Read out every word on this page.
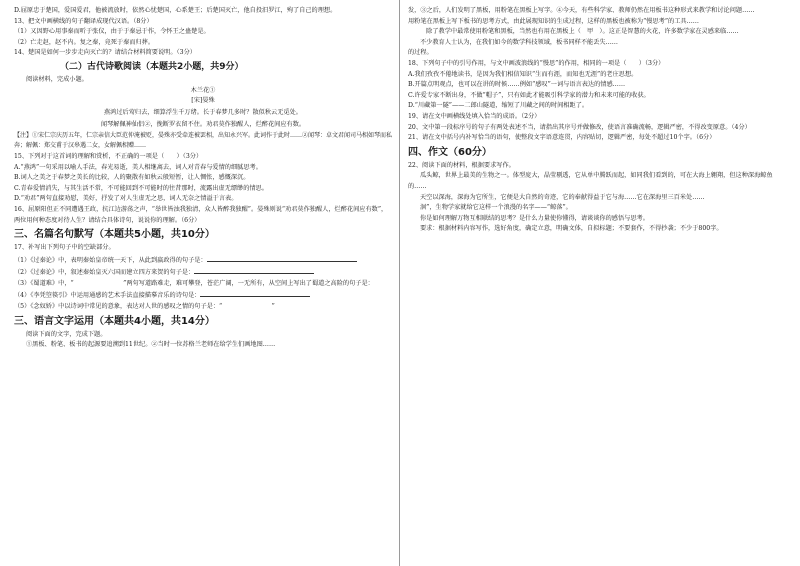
D.屈原忠于楚国，爱国爱君，他被流放时，依然心忧楚国，心系楚王；后楚国灭亡，他自投汨罗江，殉了自己的理想。

13、把文中画横线的句子翻译成现代汉语。（8分）

（1）又因野心用事秦而听于张仪，由于于秦忌于作，令怀王之蛊楚是。

（2）亡走赵，赵不内。复之秦，竟死于秦而归葬。

14、楚国是如何一步步走向灭亡的？请结合材料简要说明。（3分）

（二）古代诗歌阅读（本题共2小题，共9分）

阅读材料，完成小题。

木兰花①

[宋]晏殊

燕鸿过后莺归去，细算浮生千万绪。长于春梦几多时？散似秋云无觅处。

闻琴解佩神仙侣②，挽断罗衣留不住。劝君莫作独醒人，烂醉花间应有数。

【注】①宋仁宗庆历五年，仁宗亲信大臣范仲淹被贬，晏殊亦受牵连被罢相，出知永兴军。此词作于此时……②闻琴：卓文君闻司马相如琴而私奔；解佩：郑交甫于汉皋遇二女，女解佩相赠……

15、下列对于这首词的理解和赏析，不正确的一项是（　　）（3分）

A.“燕鸿”一句采用以喻人手法，春光易逝，美人相继离去，词人对青春与爱情的细腻思考。

B.词人之美之于春梦之美长的比较，人的聚散有如秋云般短暂，让人惆怅，感慨深沉。

C.青春爱情消失，与其生活不常，不可能回到不可能时的往昔那时，流露出虚无缥缈的情思。

D.“劝君”两句直接劝慰，美好，抒发了对人生虚无之思，词人无奈之情溢于言表。

16、屈原阳但正不同遭遇王政，抗江边游荡之声，“举世皆浊我独清，众人皆醉我独醒”。晏殊则说“劝君莫作独醒人，烂醉花间应有数”，两位用何种态度对待人生？请结合具体诗句，说说你的理解。（6分）

三、名篇名句默写（本题共5小题，共10分）

17、补写出下列句子中的空缺部分。

（1）《过秦论》中，表明秦始皇帝统一天下，从此到嬴政得的句子是：

（2）《过秦论》中，叙述秦始皇灭六国而建立四方来贺的句子是：

（3）《蜀道难》中，“　　　　　　　　”两句写道路难走，难可攀登，苍茫广阔，一无所有，从空间上写出了蜀道之高险的句子是：

（4）《李凭箜篌引》中运用通感的艺术手法直接描摹音乐的诗句是：

（5）《念奴娇》中以诗词中常见的意象，表达对人世的感叹之情的句子是：“　　　　　　　　”

三、语言文字运用（本题共4小题，共14分）

阅读下面的文字，完成下题。

①黑板、粉笔、板书的起源要追溯到11世纪。②当时一位苏格兰老师在给学生们画地图……

发，③之后，人们发明了黑板，用粉笔在黑板上写字。④今天，有些科学家、教师仍然在用板书这种形式来教学和讨论问题……

用粉笔在黑板上写下板书的思考方式，由此展现知识的生成过程，这样的黑板也被称为“慢思考”的工具……

　除了教学中最常使用粉笔和黑板，当然也有用在黑板上（　甲　）。这正是智慧的火花，许多数学家在灵感来临……

不少教育人士认为，在我们如今的数学科技领域，板书同样不能丢失……

的过程。

18、下列句子中的引号作用，与文中画波浪线的“慢思”的作用，相同的一项是（　　）（3分）

A.我们孜孜不倦地读书，是因为我们相信知识“生而有涯，而知也无涯”的老庄思想。

B.开篇点明观点，也可以在讲的时候……例如“感叹”一词与语言表达的情感……

C.许爱专家不断出身，不做“帽子”，只有如此才能吸引科学家的潜力和未来可能的收获。

D.“川藏第一隧”——二郎山隧道，缩短了川藏之间的时间相距了。

19、请在文中画横线处填入恰当的成语。（2分）

20、文中第一段标序号的句子有两处表述不当，请指出其序号并做修改，使语言准确流畅，逻辑严密，不得改变原意。（4分）

21、请在文中括号内补写恰当的语句，使整段文字语意连贯，内容贴切，逻辑严密，每处不超过10个字。（6分）

四、作文（60分）

22、阅读下面的材料，根据要求写作。

瓜头鲸，世界上最美的生物之一。体型庞大，晶莹剔透，它从单中腾跃而起，如同我们看到的，可在大海上翱翔，但这种深海鲸鱼的……

天空以深海，深海为它所生，它便是大自然的奇迹，它的奉献得益于它与海……它在深海里三百米处……

洄”，生物学家就给它这样一个浪漫的名字——“鲸落”。

你是如何理解万物互相联结的思考？是什么力量使你懂得，请谈谈你的感悟与思考。

要求：根据材料内容写作，选好角度，确定立意，明确文体，自拟标题；不要套作，不得抄袭；不少于800字。
